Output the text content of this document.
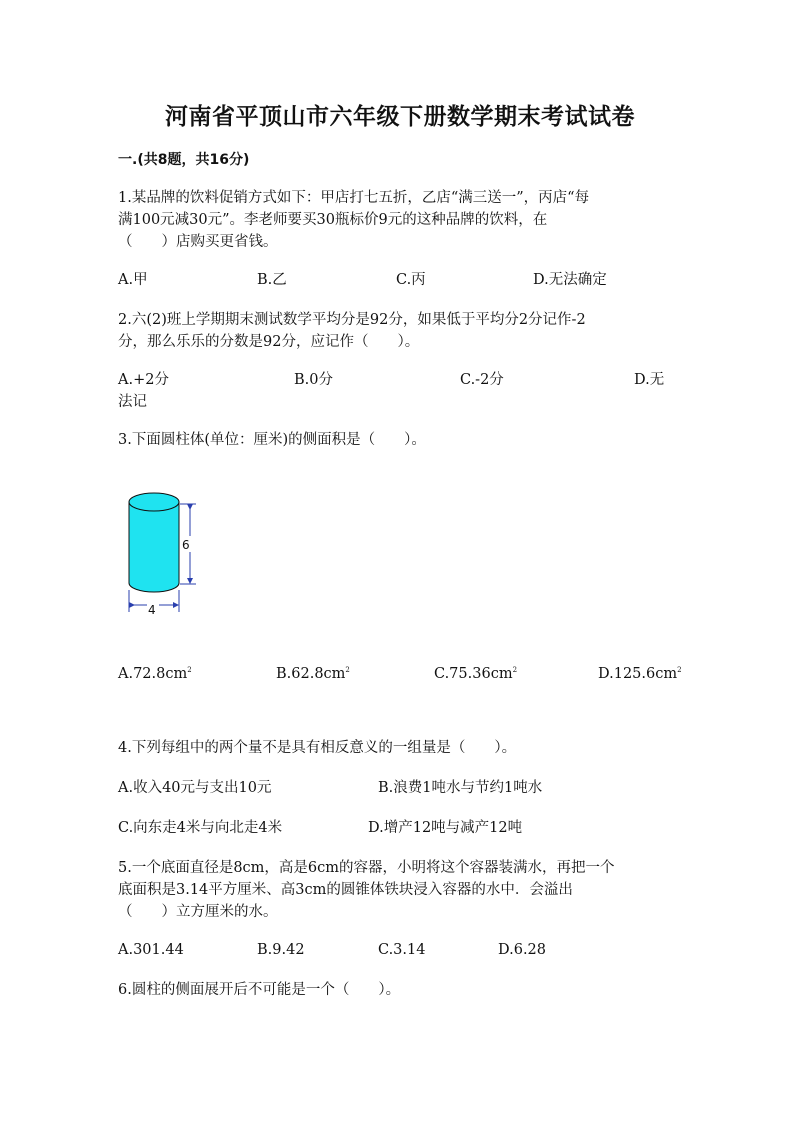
河南省平顶山市六年级下册数学期末考试试卷
一.(共8题，共16分)
1.某品牌的饮料促销方式如下：甲店打七五折，乙店“满三送一”，丙店“每
满100元减30元”。李老师要买30瓶标价9元的这种品牌的饮料，在
（　　）店购买更省钱。
A.甲	B.乙	C.丙	D.无法确定
2.六(2)班上学期期末测试数学平均分是92分，如果低于平均分2分记作-2
分，那么乐乐的分数是92分，应记作（　　）。
A.+2分	B.0分	C.-2分	D.无
法记
3.下面圆柱体(单位：厘米)的侧面积是（　　）。
6
4
$A.72.8cm^2$	$B.62.8cm^2$	$C.75.36cm^2$	$D.125.6cm^2$
4.下列每组中的两个量不是具有相反意义的一组量是（　　）。
A.收入40元与支出10元	B.浪费1吨水与节约1吨水
C.向东走4米与向北走4米	D.增产12吨与减产12吨
5.一个底面直径是8cm，高是6cm的容器，小明将这个容器装满水，再把一个
底面积是3.14平方厘米、高3cm的圆锥体铁块浸入容器的水中．会溢出
（　　）立方厘米的水。
A.301.44	B.9.42	C.3.14	D.6.28
6.圆柱的侧面展开后不可能是一个（　　）。
